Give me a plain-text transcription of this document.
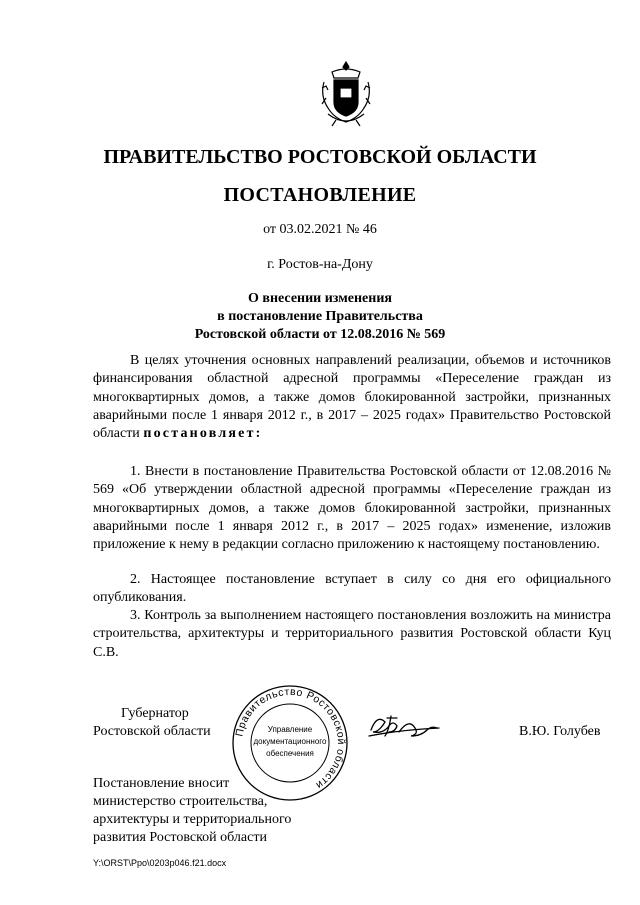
ПРАВИТЕЛЬСТВО РОСТОВСКОЙ ОБЛАСТИ
ПОСТАНОВЛЕНИЕ
от 03.02.2021 № 46
г. Ростов-на-Дону
О внесении изменения
в постановление Правительства
Ростовской области от 12.08.2016 № 569
В целях уточнения основных направлений реализации, объемов и источников финансирования областной адресной программы «Переселение граждан из многоквартирных домов, а также домов блокированной застройки, признанных аварийными после 1 января 2012 г., в 2017 – 2025 годах» Правительство Ростовской области постановляет:
1. Внести в постановление Правительства Ростовской области от 12.08.2016 № 569 «Об утверждении областной адресной программы «Переселение граждан из многоквартирных домов, а также домов блокированной застройки, признанных аварийными после 1 января 2012 г., в 2017 – 2025 годах» изменение, изложив приложение к нему в редакции согласно приложению к настоящему постановлению.
2. Настоящее постановление вступает в силу со дня его официального опубликования.
3. Контроль за выполнением настоящего постановления возложить на министра строительства, архитектуры и территориального развития Ростовской области Куц С.В.
Губернатор
Ростовской области Правительство Ростовской области
Управление
документационного
обеспечения
В.Ю. Голубев
Постановление вносит
министерство строительства,
архитектуры и территориального
развития Ростовской области
Y:\ORST\Ppo\0203p046.f21.docx
